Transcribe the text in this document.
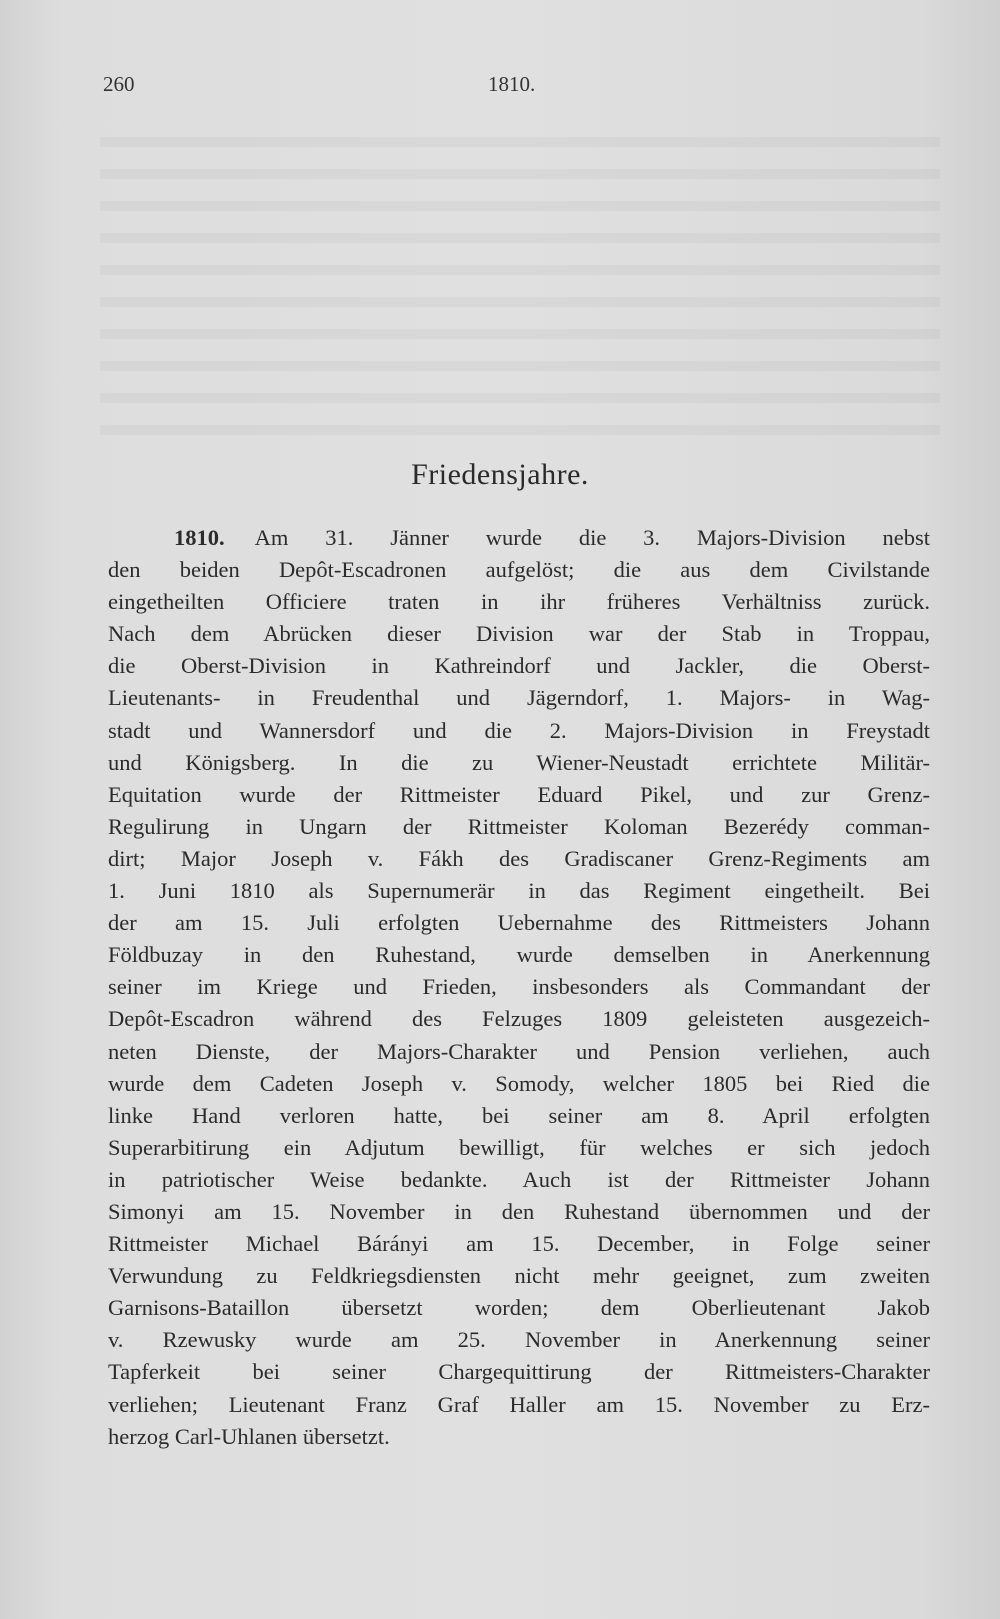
260	1810.
Friedensjahre.
1810. Am 31. Jänner wurde die 3. Majors-Division nebst
den beiden Depôt-Escadronen aufgelöst; die aus dem Civilstande
eingetheilten Officiere traten in ihr früheres Verhältniss zurück.
Nach dem Abrücken dieser Division war der Stab in Troppau,
die Oberst-Division in Kathreindorf und Jackler, die Oberst-
Lieutenants- in Freudenthal und Jägerndorf, 1. Majors- in Wag-
stadt und Wannersdorf und die 2. Majors-Division in Freystadt
und Königsberg. In die zu Wiener-Neustadt errichtete Militär-
Equitation wurde der Rittmeister Eduard Pikel, und zur Grenz-
Regulirung in Ungarn der Rittmeister Koloman Bezerédy comman-
dirt; Major Joseph v. Fákh des Gradiscaner Grenz-Regiments am
1. Juni 1810 als Supernumerär in das Regiment eingetheilt. Bei
der am 15. Juli erfolgten Uebernahme des Rittmeisters Johann
Földbuzay in den Ruhestand, wurde demselben in Anerkennung
seiner im Kriege und Frieden, insbesonders als Commandant der
Depôt-Escadron während des Felzuges 1809 geleisteten ausgezeich-
neten Dienste, der Majors-Charakter und Pension verliehen, auch
wurde dem Cadeten Joseph v. Somody, welcher 1805 bei Ried die
linke Hand verloren hatte, bei seiner am 8. April erfolgten
Superarbitirung ein Adjutum bewilligt, für welches er sich jedoch
in patriotischer Weise bedankte. Auch ist der Rittmeister Johann
Simonyi am 15. November in den Ruhestand übernommen und der
Rittmeister Michael Bárányi am 15. December, in Folge seiner
Verwundung zu Feldkriegsdiensten nicht mehr geeignet, zum zweiten
Garnisons-Bataillon übersetzt worden; dem Oberlieutenant Jakob
v. Rzewusky wurde am 25. November in Anerkennung seiner
Tapferkeit bei seiner Chargequittirung der Rittmeisters-Charakter
verliehen; Lieutenant Franz Graf Haller am 15. November zu Erz-
herzog Carl-Uhlanen übersetzt.
